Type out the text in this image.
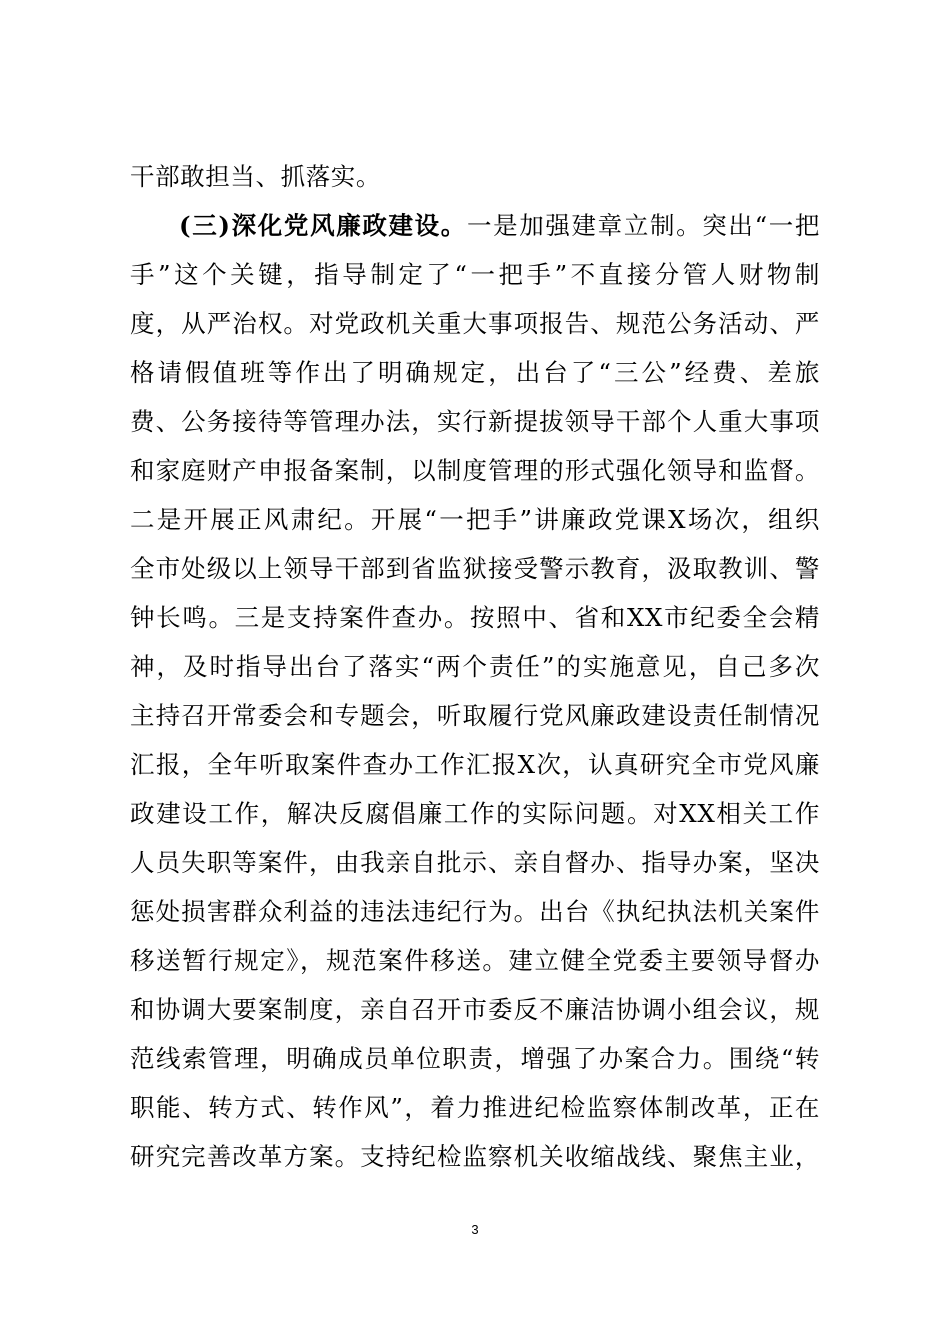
干部敢担当、抓落实。
(三)深化党风廉政建设。一是加强建章立制。突出“一把
手”这个关键，指导制定了“一把手”不直接分管人财物制
度，从严治权。对党政机关重大事项报告、规范公务活动、严
格请假值班等作出了明确规定，出台了“三公”经费、差旅
费、公务接待等管理办法，实行新提拔领导干部个人重大事项
和家庭财产申报备案制，以制度管理的形式强化领导和监督。
二是开展正风肃纪。开展“一把手”讲廉政党课X场次，组织
全市处级以上领导干部到省监狱接受警示教育，汲取教训、警
钟长鸣。三是支持案件查办。按照中、省和XX市纪委全会精
神，及时指导出台了落实“两个责任”的实施意见，自己多次
主持召开常委会和专题会，听取履行党风廉政建设责任制情况
汇报，全年听取案件查办工作汇报X次，认真研究全市党风廉
政建设工作，解决反腐倡廉工作的实际问题。对XX相关工作
人员失职等案件，由我亲自批示、亲自督办、指导办案，坚决
惩处损害群众利益的违法违纪行为。出台《执纪执法机关案件
移送暂行规定》，规范案件移送。建立健全党委主要领导督办
和协调大要案制度，亲自召开市委反不廉洁协调小组会议，规
范线索管理，明确成员单位职责，增强了办案合力。围绕“转
职能、转方式、转作风”，着力推进纪检监察体制改革，正在
研究完善改革方案。支持纪检监察机关收缩战线、聚焦主业，
3
